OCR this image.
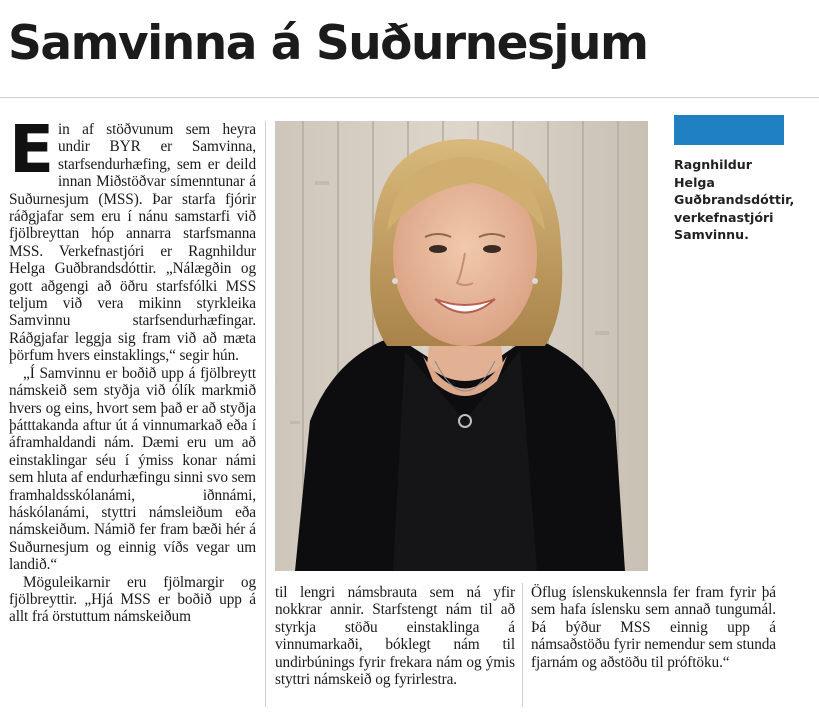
Samvinna á Suðurnesjum

Ein af stöðvunum sem heyra undir BYR er Samvinna, starfsendurhæfing, sem er deild innan Miðstöðvar símenntunar á Suðurnesjum (MSS). Þar starfa fjórir ráðgjafar sem eru í nánu samstarfi við fjölbreyttan hóp annarra starfsmanna MSS. Verkefnastjóri er Ragnhildur Helga Guðbrandsdóttir. „Nálægðin og gott aðgengi að öðru starfsfólki MSS teljum við vera mikinn styrkleika Samvinnu starfsendurhæfingar. Ráðgjafar leggja sig fram við að mæta þörfum hvers einstaklings,“ segir hún.

„Í Samvinnu er boðið upp á fjölbreytt námskeið sem styðja við ólík markmið hvers og eins, hvort sem það er að styðja þátttakanda aftur út á vinnumarkað eða í áframhaldandi nám. Dæmi eru um að einstaklingar séu í ýmiss konar námi sem hluta af endurhæfingu sinni svo sem framhaldsskólanámi, iðnnámi, háskólanámi, styttri námsleiðum eða námskeiðum. Námið fer fram bæði hér á Suðurnesjum og einnig víðs vegar um landið.“

Möguleikarnir eru fjölmargir og fjölbreyttir. „Hjá MSS er boðið upp á allt frá örstuttum námskeiðum

Ragnhildur Helga Guðbrandsdóttir, verkefnastjóri Samvinnu.

til lengri námsbrauta sem ná yfir nokkrar annir. Starfstengt nám til að styrkja stöðu einstaklinga á vinnumarkaði, bóklegt nám til undirbúnings fyrir frekara nám og ýmis styttri námskeið og fyrirlestra.

Öflug íslenskukennsla fer fram fyrir þá sem hafa íslensku sem annað tungumál. Þá býður MSS einnig upp á námsaðstöðu fyrir nemendur sem stunda fjarnám og aðstöðu til próftöku.“
